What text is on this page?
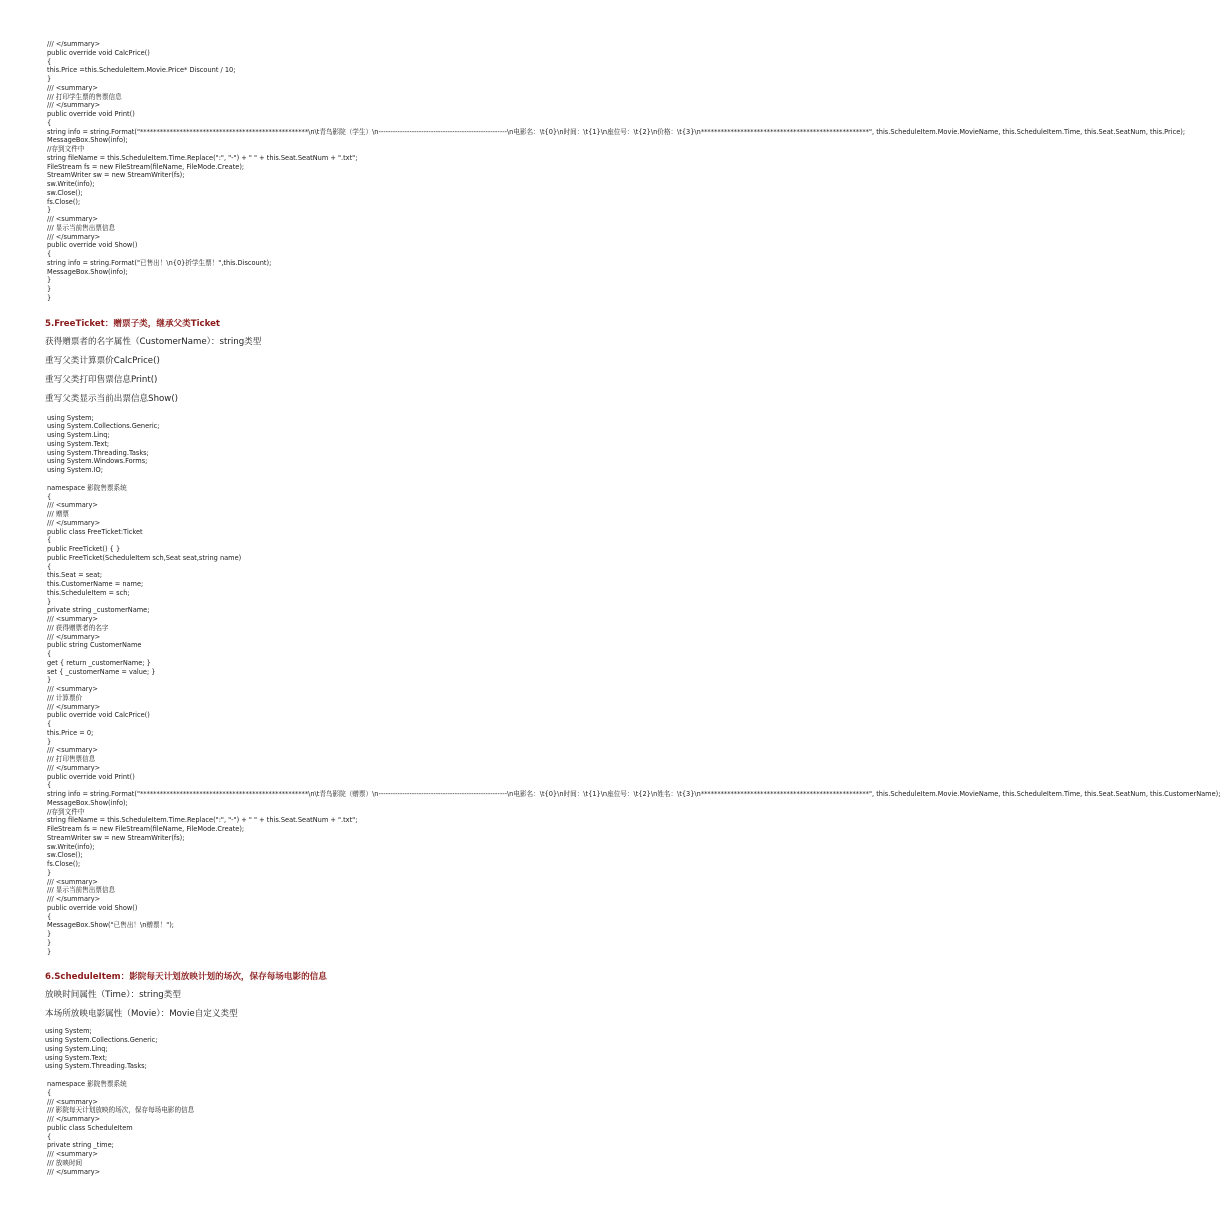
/// </summary>
public override void CalcPrice()
{
this.Price =this.ScheduleItem.Movie.Price* Discount / 10;
}
/// <summary>
/// 打印学生票的售票信息
/// </summary>
public override void Print()
{
string info = string.Format("***************************************************\n\t青鸟影院（学生）\n------------------------------------------------------\n电影名：\t{0}\n时间：\t{1}\n座位号：\t{2}\n价格：\t{3}\n***************************************************", this.ScheduleItem.Movie.MovieName, this.ScheduleItem.Time, this.Seat.SeatNum, this.Price);
MessageBox.Show(info);
//存到文件中
string fileName = this.ScheduleItem.Time.Replace(":", "-") + " " + this.Seat.SeatNum + ".txt";
FileStream fs = new FileStream(fileName, FileMode.Create);
StreamWriter sw = new StreamWriter(fs);
sw.Write(info);
sw.Close();
fs.Close();
}
/// <summary>
/// 显示当前售出票信息
/// </summary>
public override void Show()
{
string info = string.Format("已售出！\n{0}折学生票！",this.Discount);
MessageBox.Show(info);
}
}
}
5.FreeTicket：赠票子类，继承父类Ticket
获得赠票者的名字属性（CustomerName）：string类型
重写父类计算票价CalcPrice()
重写父类打印售票信息Print()
重写父类显示当前出票信息Show()
using System;
using System.Collections.Generic;
using System.Linq;
using System.Text;
using System.Threading.Tasks;
using System.Windows.Forms;
using System.IO;
namespace 影院售票系统
{
/// <summary>
/// 赠票
/// </summary>
public class FreeTicket:Ticket
{
public FreeTicket() { }
public FreeTicket(ScheduleItem sch,Seat seat,string name)
{
this.Seat = seat;
this.CustomerName = name;
this.ScheduleItem = sch;
}
private string _customerName;
/// <summary>
/// 获得赠票者的名字
/// </summary>
public string CustomerName
{
get { return _customerName; }
set { _customerName = value; }
}
/// <summary>
/// 计算票价
/// </summary>
public override void CalcPrice()
{
this.Price = 0;
}
/// <summary>
/// 打印售票信息
/// </summary>
public override void Print()
{
string info = string.Format("***************************************************\n\t青鸟影院（赠票）\n------------------------------------------------------\n电影名：\t{0}\n时间：\t{1}\n座位号：\t{2}\n姓名：\t{3}\n***************************************************", this.ScheduleItem.Movie.MovieName, this.ScheduleItem.Time, this.Seat.SeatNum, this.CustomerName);
MessageBox.Show(info);
//存到文件中
string fileName = this.ScheduleItem.Time.Replace(":", "-") + " " + this.Seat.SeatNum + ".txt";
FileStream fs = new FileStream(fileName, FileMode.Create);
StreamWriter sw = new StreamWriter(fs);
sw.Write(info);
sw.Close();
fs.Close();
}
/// <summary>
/// 显示当前售出票信息
/// </summary>
public override void Show()
{
MessageBox.Show("已售出！\n赠票！");
}
}
}
6.ScheduleItem：影院每天计划放映计划的场次，保存每场电影的信息
放映时间属性（Time）：string类型
本场所放映电影属性（Movie）：Movie自定义类型
using System;
using System.Collections.Generic;
using System.Linq;
using System.Text;
using System.Threading.Tasks;
namespace 影院售票系统
{
/// <summary>
/// 影院每天计划放映的场次，保存每场电影的信息
/// </summary>
public class ScheduleItem
{
private string _time;
/// <summary>
/// 放映时间
/// </summary>
